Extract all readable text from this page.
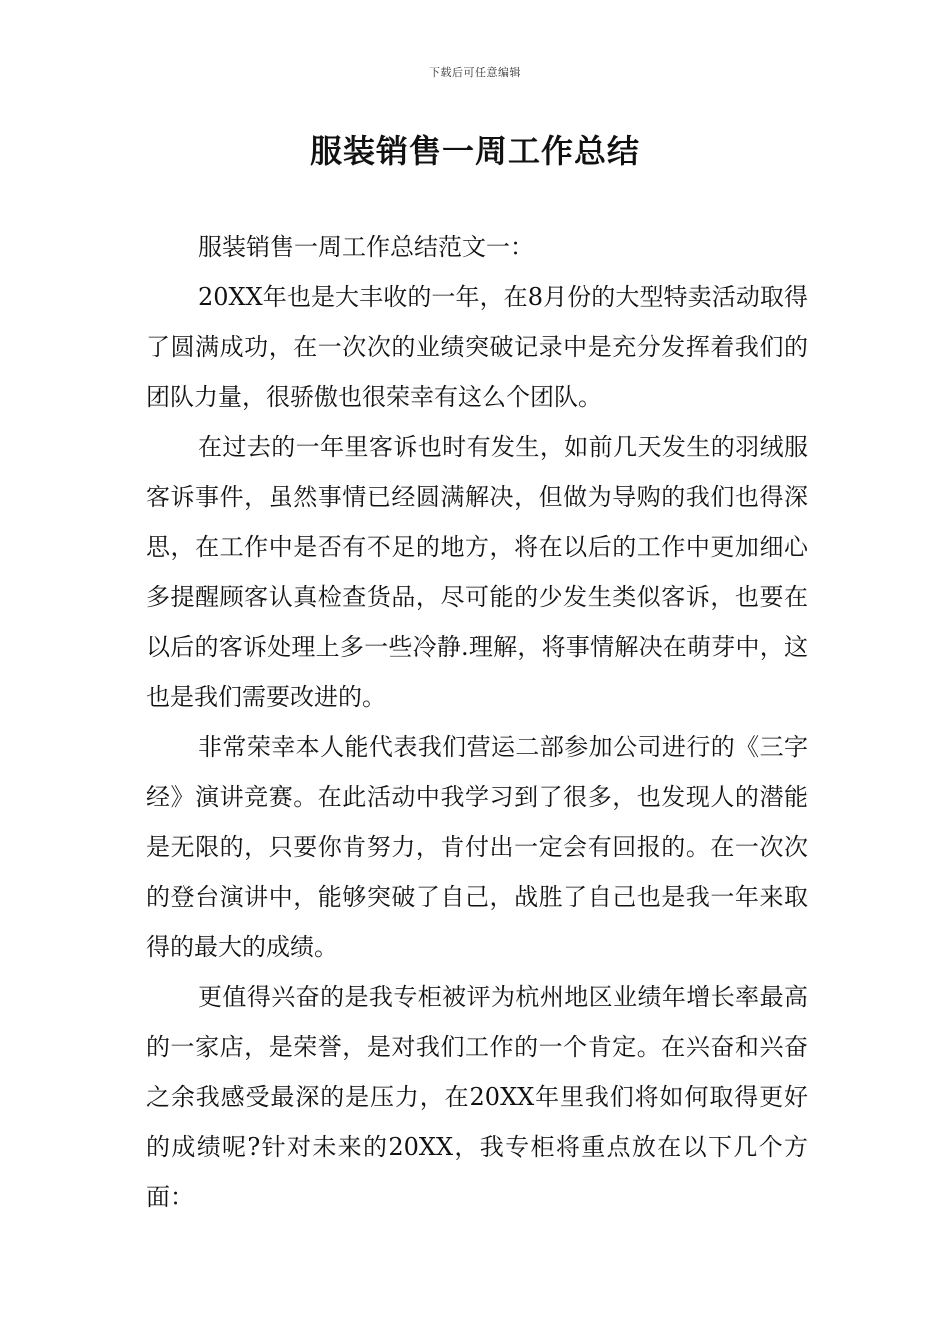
下载后可任意编辑
服装销售一周工作总结

服装销售一周工作总结范文一：

20XX年也是大丰收的一年，在8月份的大型特卖活动取得了圆满成功，在一次次的业绩突破记录中是充分发挥着我们的团队力量，很骄傲也很荣幸有这么个团队。

在过去的一年里客诉也时有发生，如前几天发生的羽绒服客诉事件，虽然事情已经圆满解决，但做为导购的我们也得深思，在工作中是否有不足的地方，将在以后的工作中更加细心多提醒顾客认真检查货品，尽可能的少发生类似客诉，也要在以后的客诉处理上多一些冷静.理解，将事情解决在萌芽中，这也是我们需要改进的。

非常荣幸本人能代表我们营运二部参加公司进行的《三字经》演讲竞赛。在此活动中我学习到了很多，也发现人的潜能是无限的，只要你肯努力，肯付出一定会有回报的。在一次次的登台演讲中，能够突破了自己，战胜了自己也是我一年来取得的最大的成绩。

更值得兴奋的是我专柜被评为杭州地区业绩年增长率最高的一家店，是荣誉，是对我们工作的一个肯定。在兴奋和兴奋之余我感受最深的是压力，在20XX年里我们将如何取得更好的成绩呢?针对未来的20XX，我专柜将重点放在以下几个方面：
